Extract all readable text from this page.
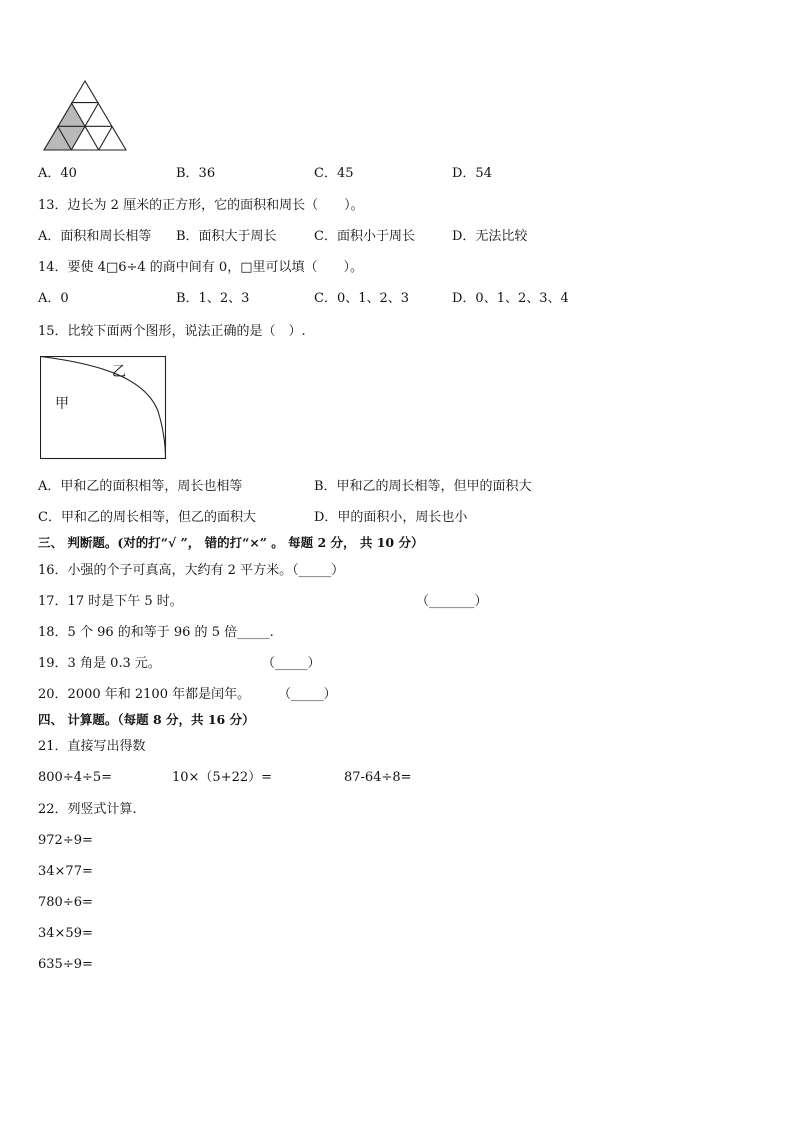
A．40	B．36	C．45	D．54
13．边长为 2 厘米的正方形，它的面积和周长（　　）。
A．面积和周长相等 B．面积大于周长	C．面积小于周长	D．无法比较
14．要使 4□6÷4 的商中间有 0，□里可以填（　　）。
A．0	B．1、2、3	C．0、1、2、3	D．0、1、2、3、4
15．比较下面两个图形，说法正确的是（　）.
乙
甲
A．甲和乙的面积相等，周长也相等	B．甲和乙的周长相等，但甲的面积大
C．甲和乙的周长相等，但乙的面积大	D．甲的面积小，周长也小
三、 判断题。(对的打“√ ”， 错的打“×” 。 每题 2 分， 共 10 分）
16．小强的个子可真高，大约有 2 平方米。（_____）
17．17 时是下午 5 时。	（_______）
18．5 个 96 的和等于 96 的 5 倍_____.
19．3 角是 0.3 元。	（_____）
20．2000 年和 2100 年都是闰年。 （_____）
四、 计算题。（每题 8 分，共 16 分）
21．直接写出得数
800÷4÷5=	10×（5+22）=	87-64÷8=
22．列竖式计算.
972÷9=
34×77=
780÷6=
34×59=
635÷9=
